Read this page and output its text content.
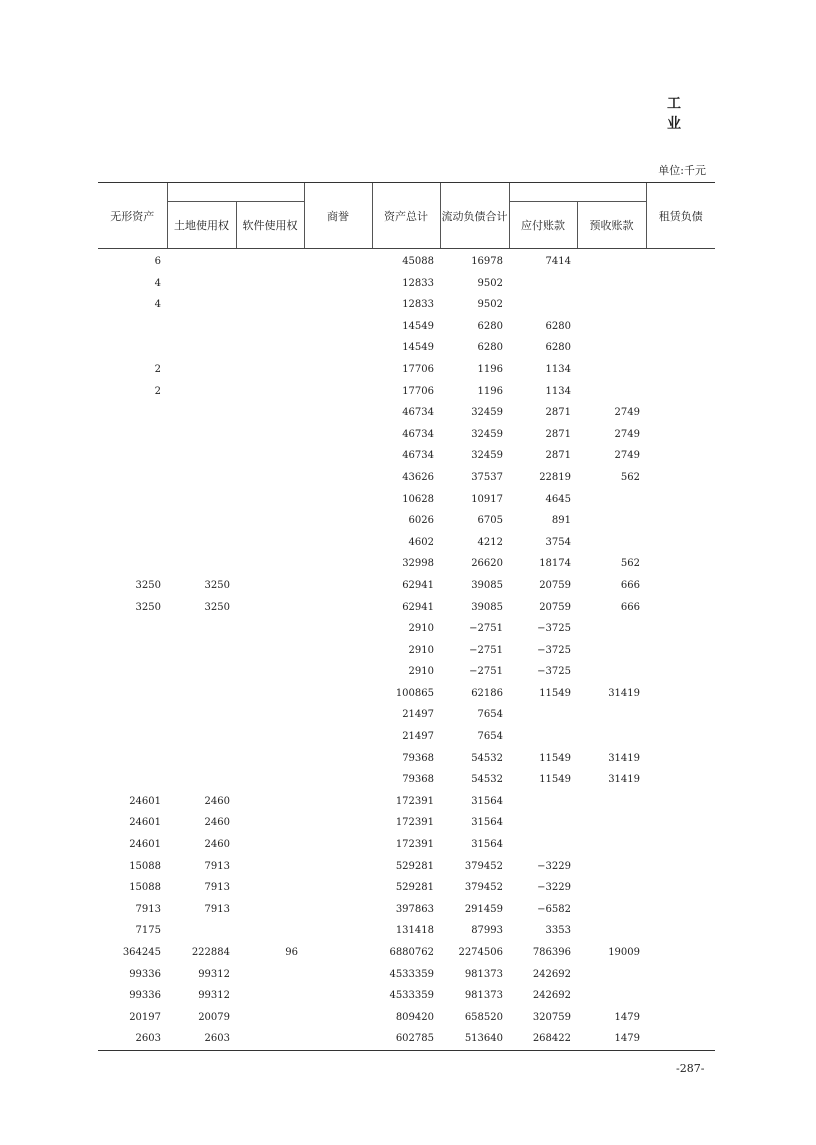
工  业
单位:千元
无形资产			商誉	资产总计	流动负债合计			租赁负债
	土地使用权	软件使用权				应付账款	预收账款	
6				45088	16978	7414		
4				12833	9502			
4				12833	9502			
				14549	6280	6280		
				14549	6280	6280		
2				17706	1196	1134		
2				17706	1196	1134		
				46734	32459	2871	2749	
				46734	32459	2871	2749	
				46734	32459	2871	2749	
				43626	37537	22819	562	
				10628	10917	4645		
				6026	6705	891		
				4602	4212	3754		
				32998	26620	18174	562	
3250	3250			62941	39085	20759	666	
3250	3250			62941	39085	20759	666	
				2910	−2751	−3725		
				2910	−2751	−3725		
				2910	−2751	−3725		
				100865	62186	11549	31419	
				21497	7654			
				21497	7654			
				79368	54532	11549	31419	
				79368	54532	11549	31419	
24601	2460			172391	31564			
24601	2460			172391	31564			
24601	2460			172391	31564			
15088	7913			529281	379452	−3229		
15088	7913			529281	379452	−3229		
7913	7913			397863	291459	−6582		
7175				131418	87993	3353		
364245	222884	96		6880762	2274506	786396	19009	
99336	99312			4533359	981373	242692		
99336	99312			4533359	981373	242692		
20197	20079			809420	658520	320759	1479	
2603	2603			602785	513640	268422	1479	
-287-
